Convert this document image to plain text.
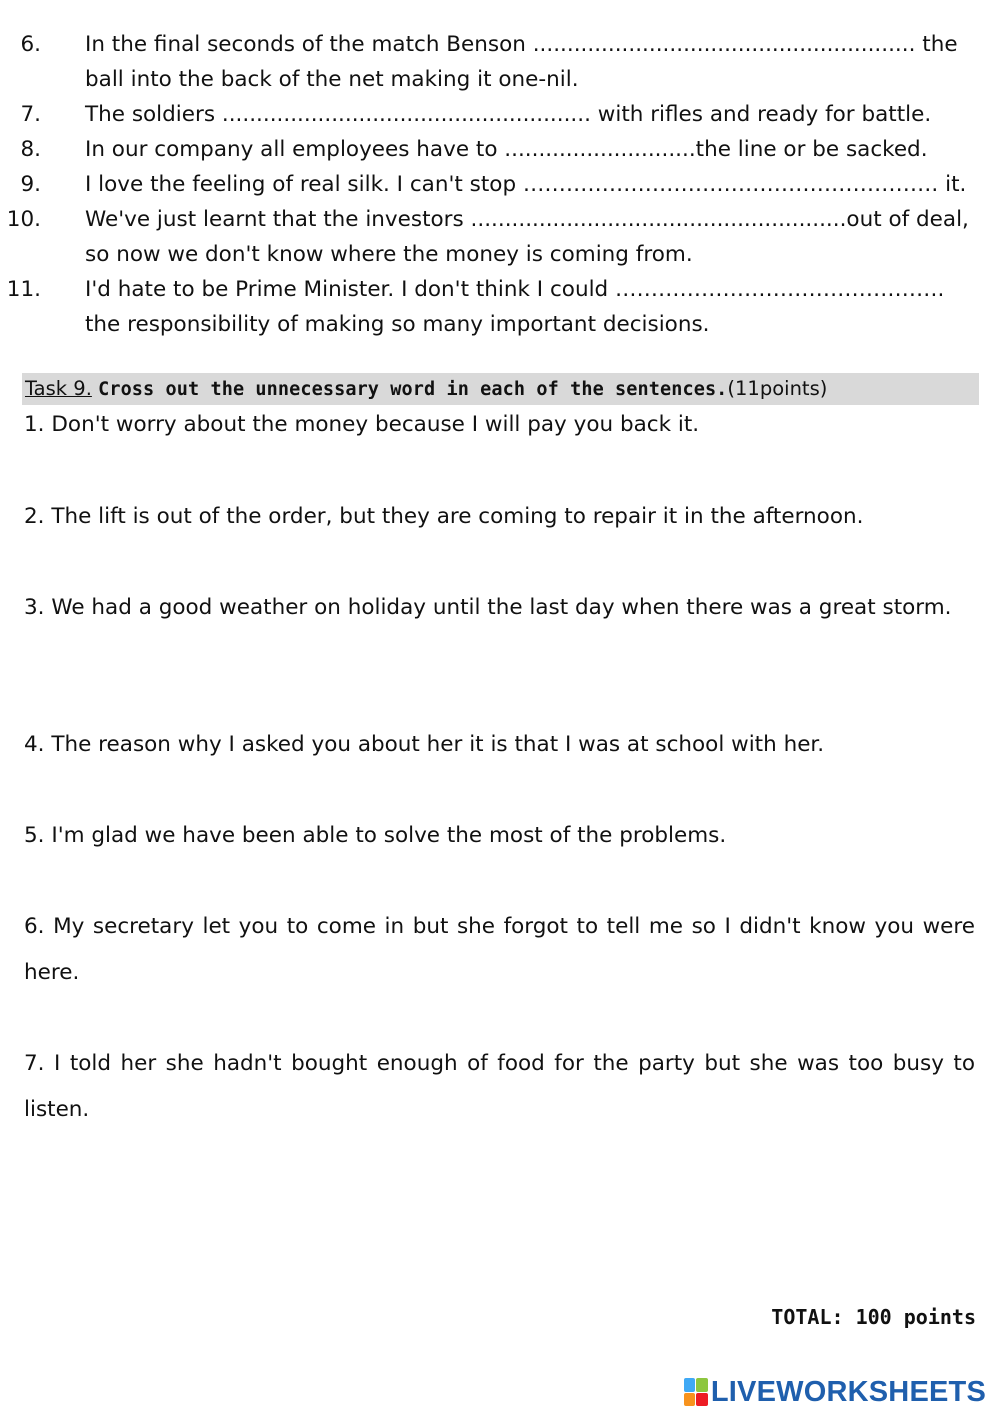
6. In the final seconds of the match Benson ........................................................ the ball into the back of the net making it one-nil.
7. The soldiers ...................................................... with rifles and ready for battle.
8. In our company all employees have to ............................the line or be sacked.
9. I love the feeling of real silk. I can't stop …………………………………………………. it.
10. We've just learnt that the investors .......................................................out of deal, so now we don't know where the money is coming from.
11. I'd hate to be Prime Minister. I don't think I could ………………………………………. the responsibility of making so many important decisions.
Task 9. Cross out the unnecessary word in each of the sentences.(11points)
1. Don't worry about the money because I will pay you back it.
2. The lift is out of the order, but they are coming to repair it in the afternoon.
3. We had a good weather on holiday until the last day when there was a great storm.
4. The reason why I asked you about her it is that I was at school with her.
5. I'm glad we have been able to solve the most of the problems.
6. My secretary let you to come in but she forgot to tell me so I didn't know you were here.
7. I told her she hadn't bought enough of food for the party but she was too busy to listen.
TOTAL: 100 points
LIVEWORKSHEETS
